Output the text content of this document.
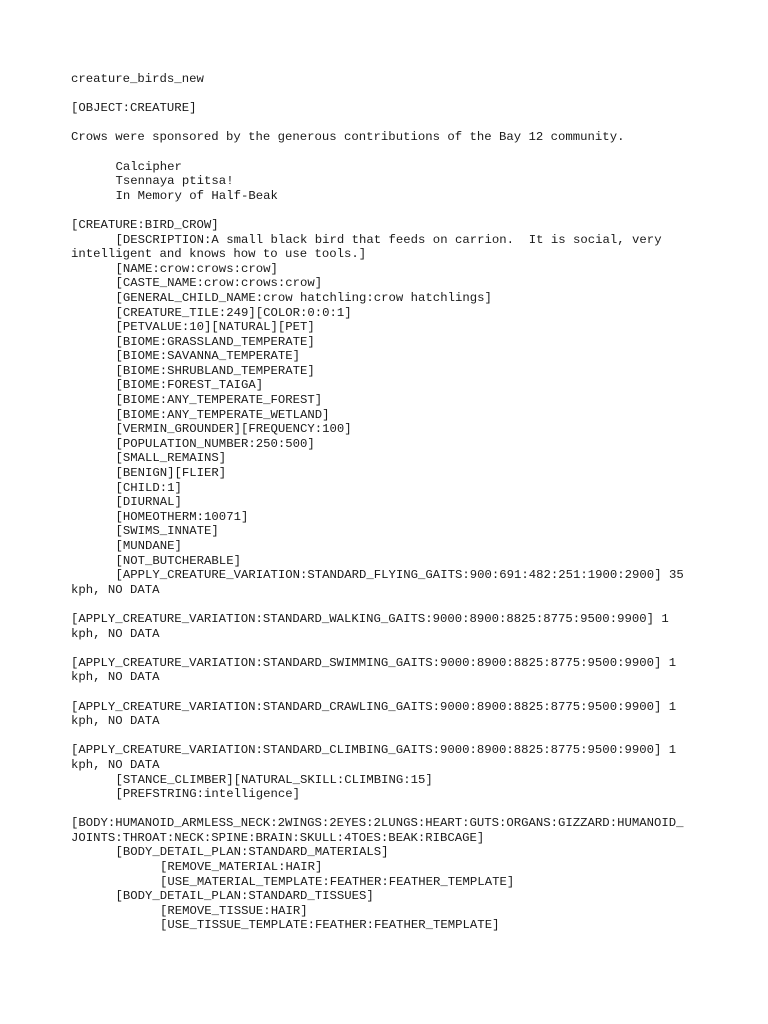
creature_birds_new
[OBJECT:CREATURE]
Crows were sponsored by the generous contributions of the Bay 12 community.
Calcipher
Tsennaya ptitsa!
In Memory of Half-Beak
[CREATURE:BIRD_CROW]
[DESCRIPTION:A small black bird that feeds on carrion.  It is social, very
intelligent and knows how to use tools.]
[NAME:crow:crows:crow]
[CASTE_NAME:crow:crows:crow]
[GENERAL_CHILD_NAME:crow hatchling:crow hatchlings]
[CREATURE_TILE:249][COLOR:0:0:1]
[PETVALUE:10][NATURAL][PET]
[BIOME:GRASSLAND_TEMPERATE]
[BIOME:SAVANNA_TEMPERATE]
[BIOME:SHRUBLAND_TEMPERATE]
[BIOME:FOREST_TAIGA]
[BIOME:ANY_TEMPERATE_FOREST]
[BIOME:ANY_TEMPERATE_WETLAND]
[VERMIN_GROUNDER][FREQUENCY:100]
[POPULATION_NUMBER:250:500]
[SMALL_REMAINS]
[BENIGN][FLIER]
[CHILD:1]
[DIURNAL]
[HOMEOTHERM:10071]
[SWIMS_INNATE]
[MUNDANE]
[NOT_BUTCHERABLE]
[APPLY_CREATURE_VARIATION:STANDARD_FLYING_GAITS:900:691:482:251:1900:2900] 35
kph, NO DATA
[APPLY_CREATURE_VARIATION:STANDARD_WALKING_GAITS:9000:8900:8825:8775:9500:9900] 1
kph, NO DATA
[APPLY_CREATURE_VARIATION:STANDARD_SWIMMING_GAITS:9000:8900:8825:8775:9500:9900] 1
kph, NO DATA
[APPLY_CREATURE_VARIATION:STANDARD_CRAWLING_GAITS:9000:8900:8825:8775:9500:9900] 1
kph, NO DATA
[APPLY_CREATURE_VARIATION:STANDARD_CLIMBING_GAITS:9000:8900:8825:8775:9500:9900] 1
kph, NO DATA
[STANCE_CLIMBER][NATURAL_SKILL:CLIMBING:15]
[PREFSTRING:intelligence]
[BODY:HUMANOID_ARMLESS_NECK:2WINGS:2EYES:2LUNGS:HEART:GUTS:ORGANS:GIZZARD:HUMANOID_
JOINTS:THROAT:NECK:SPINE:BRAIN:SKULL:4TOES:BEAK:RIBCAGE]
[BODY_DETAIL_PLAN:STANDARD_MATERIALS]
[REMOVE_MATERIAL:HAIR]
[USE_MATERIAL_TEMPLATE:FEATHER:FEATHER_TEMPLATE]
[BODY_DETAIL_PLAN:STANDARD_TISSUES]
[REMOVE_TISSUE:HAIR]
[USE_TISSUE_TEMPLATE:FEATHER:FEATHER_TEMPLATE]
